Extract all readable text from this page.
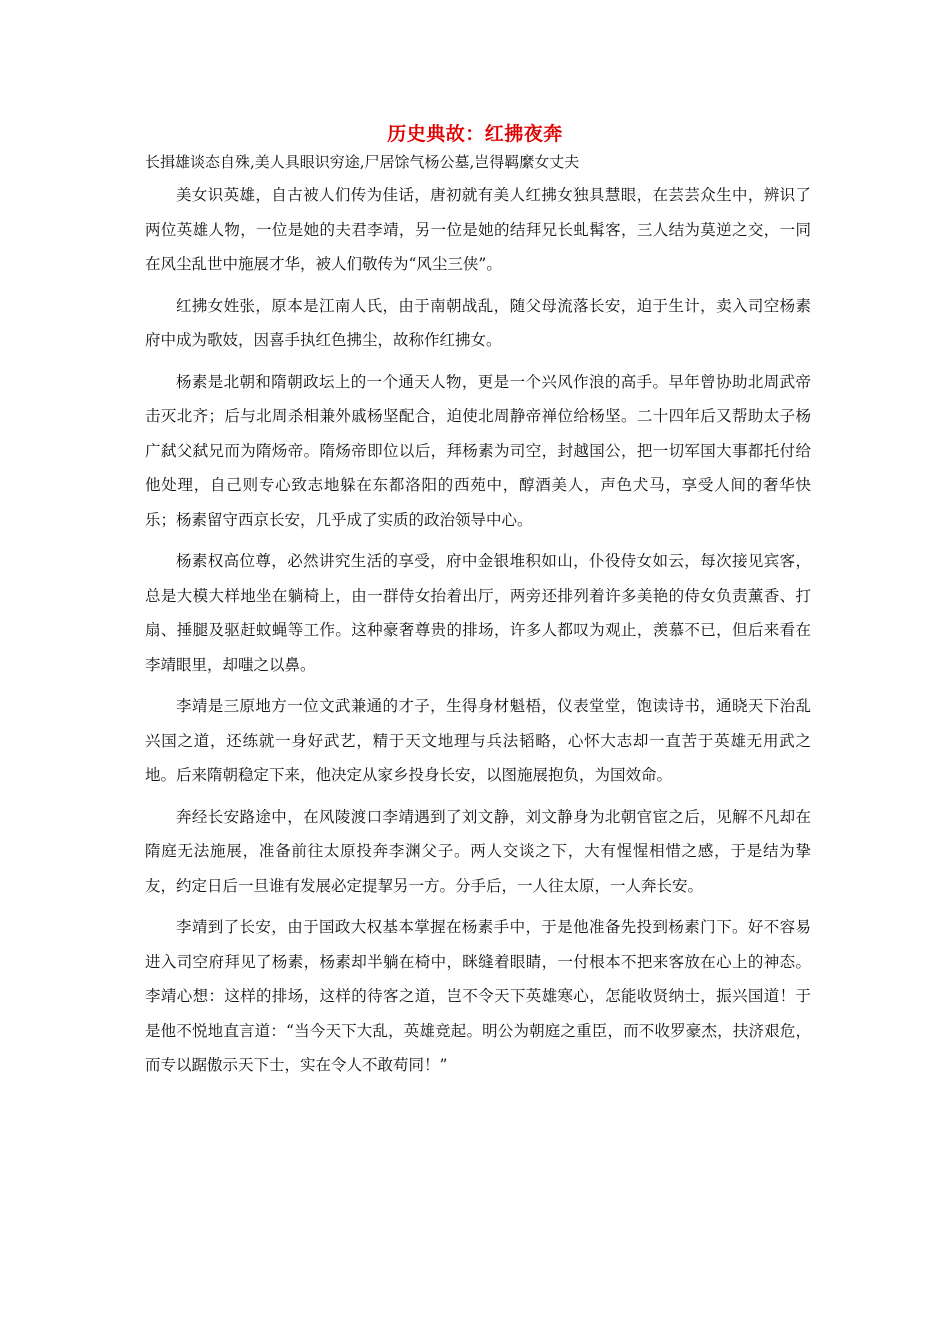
历史典故：红拂夜奔
长揖雄谈态自殊,美人具眼识穷途,尸居馀气杨公墓,岂得羁縻女丈夫

美女识英雄，自古被人们传为佳话，唐初就有美人红拂女独具慧眼，在芸芸众生中，辨识了两位英雄人物，一位是她的夫君李靖，另一位是她的结拜兄长虬髯客，三人结为莫逆之交，一同在风尘乱世中施展才华，被人们敬传为“风尘三侠”。

红拂女姓张，原本是江南人氏，由于南朝战乱，随父母流落长安，迫于生计，卖入司空杨素府中成为歌妓，因喜手执红色拂尘，故称作红拂女。

杨素是北朝和隋朝政坛上的一个通天人物，更是一个兴风作浪的高手。早年曾协助北周武帝击灭北齐；后与北周杀相兼外戚杨坚配合，迫使北周静帝禅位给杨坚。二十四年后又帮助太子杨广弑父弑兄而为隋炀帝。隋炀帝即位以后，拜杨素为司空，封越国公，把一切军国大事都托付给他处理，自己则专心致志地躲在东都洛阳的西苑中，醇酒美人，声色犬马，享受人间的奢华快乐；杨素留守西京长安，几乎成了实质的政治领导中心。

杨素权高位尊，必然讲究生活的享受，府中金银堆积如山，仆役侍女如云，每次接见宾客，总是大模大样地坐在躺椅上，由一群侍女抬着出厅，两旁还排列着许多美艳的侍女负责薰香、打扇、捶腿及驱赶蚊蝇等工作。这种豪奢尊贵的排场，许多人都叹为观止，羡慕不已，但后来看在李靖眼里，却嗤之以鼻。

李靖是三原地方一位文武兼通的才子，生得身材魁梧，仪表堂堂，饱读诗书，通晓天下治乱兴国之道，还练就一身好武艺，精于天文地理与兵法韬略，心怀大志却一直苦于英雄无用武之地。后来隋朝稳定下来，他决定从家乡投身长安，以图施展抱负，为国效命。

奔经长安路途中，在风陵渡口李靖遇到了刘文静，刘文静身为北朝官宦之后，见解不凡却在隋庭无法施展，准备前往太原投奔李渊父子。两人交谈之下，大有惺惺相惜之感，于是结为挚友，约定日后一旦谁有发展必定提挈另一方。分手后，一人往太原，一人奔长安。

李靖到了长安，由于国政大权基本掌握在杨素手中，于是他准备先投到杨素门下。好不容易进入司空府拜见了杨素，杨素却半躺在椅中，眯缝着眼睛，一付根本不把来客放在心上的神态。李靖心想：这样的排场，这样的待客之道，岂不令天下英雄寒心，怎能收贤纳士，振兴国道！于是他不悦地直言道：“当今天下大乱，英雄竞起。明公为朝庭之重臣，而不收罗豪杰，扶济艰危，而专以踞傲示天下士，实在令人不敢苟同！”
